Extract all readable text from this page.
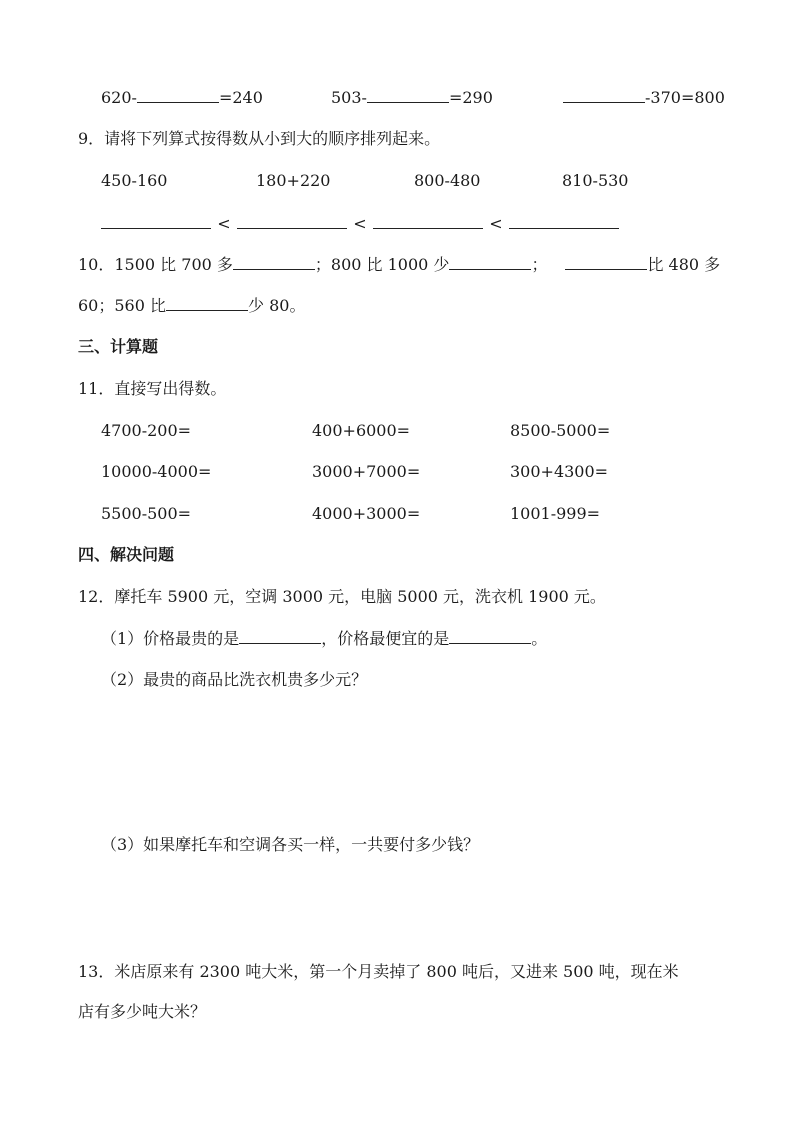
620-	=240	503-	=290	-370=800
9．请将下列算式按得数从小到大的顺序排列起来。
450-160	180+220	800-480	810-530
<	<	<
10．1500 比 700 多	；800 比 1000 少	；	比 480 多
60；560 比	少 80。
三、计算题
11．直接写出得数。
4700-200=	400+6000=	8500-5000=
10000-4000=	3000+7000=	300+4300=
5500-500=	4000+3000=	1001-999=
四、解决问题
12．摩托车 5900 元，空调 3000 元，电脑 5000 元，洗衣机 1900 元。
（1）价格最贵的是	，价格最便宜的是	。
（2）最贵的商品比洗衣机贵多少元？
（3）如果摩托车和空调各买一样，一共要付多少钱？
13．米店原来有 2300 吨大米，第一个月卖掉了 800 吨后，又进来 500 吨，现在米
店有多少吨大米？
